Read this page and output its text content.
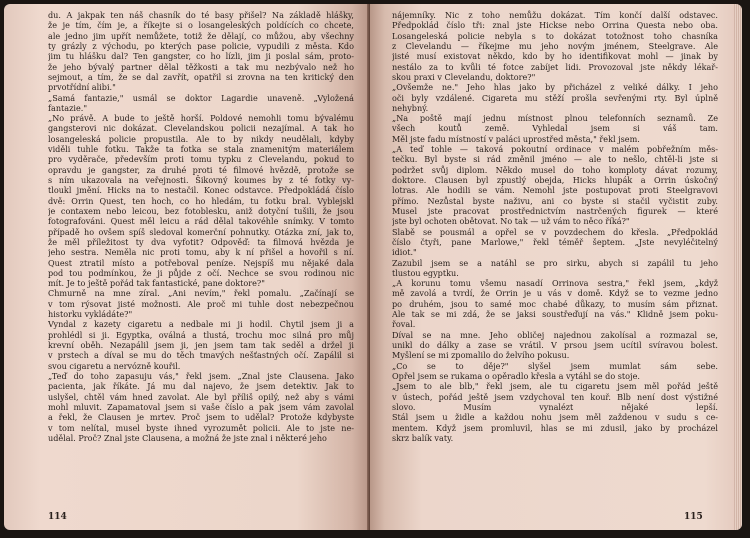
du. A jakpak ten náš chasník do té basy přišel? Na základě hlášky,
že je tím, čím je, a říkejte si o losangeleských poldících co chcete,
ale jedno jim upřít nemůžete, totiž že dělají, co můžou, aby všechny
ty grázly z východu, po kterých pase policie, vypudili z města. Kdo
jim tu hlášku dal? Ten gangster, co ho lízli, jim ji poslal sám, proto-
že jeho bývalý partner dělal těžkosti a tak mu nezbývalo než ho
sejmout, a tím, že se dal zavřít, opatřil si zrovna na ten kritický den
prvotřídní alibi."
„Samá fantazie," usmál se doktor Lagardie unaveně. „Vyložená
fantazie."
„No právě. A bude to ještě horší. Poldové nemohli tomu bývalému
gangsterovi nic dokázat. Clevelandskou policii nezajímal. A tak ho
losangeleská policie propustila. Ale to by nikdy neudělali, kdyby
viděli tuhle fotku. Takže ta fotka se stala znamenitým materiálem
pro vyděrače, především proti tomu typku z Clevelandu, pokud to
opravdu je gangster, za druhé proti té filmové hvězdě, protože se
s ním ukazovala na veřejnosti. Šikovný koumes by z té fotky vy-
tloukl jmění. Hicks na to nestačil. Konec odstavce. Předpokládá číslo
dvě: Orrin Quest, ten hoch, co ho hledám, tu fotku bral. Vyblejskl
je contaxem nebo leicou, bez fotoblesku, aniž dotyční tušili, že jsou
fotografováni. Quest měl leicu a rád dělal takovéhle snímky. V tomto
případě ho ovšem spíš sledoval komerční pohnutky. Otázka zní, jak to,
že měl příležitost ty dva vyfotit? Odpověď: ta filmová hvězda je
jeho sestra. Neměla nic proti tomu, aby k ní přišel a hovořil s ní.
Quest ztratil místo a potřeboval peníze. Nejspíš mu nějaké dala
pod tou podmínkou, že ji půjde z očí. Nechce se svou rodinou nic
mít. Je to ještě pořád tak fantastické, pane doktore?"
Chmurně na mne zíral. „Ani nevím," řekl pomalu. „Začínají se
v tom rýsovat jisté možnosti. Ale proč mi tuhle dost nebezpečnou
historku vykládáte?"
Vyndal z kazety cigaretu a nedbale mi ji hodil. Chytil jsem ji a
prohlédl si ji. Egyptka, oválná a tlustá, trochu moc silná pro můj
krevní oběh. Nezapálil jsem ji, jen jsem tam tak seděl a držel ji
v prstech a díval se mu do těch tmavých nešťastných očí. Zapálil si
svou cigaretu a nervózně kouřil.
„Teď do toho zapasuju vás," řekl jsem. „Znal jste Clausena. Jako
pacienta, jak říkáte. Já mu dal najevo, že jsem detektiv. Jak to
uslyšel, chtěl vám hned zavolat. Ale byl příliš opilý, než aby s vámi
mohl mluvit. Zapamatoval jsem si vaše číslo a pak jsem vám zavolal
a řekl, že Clausen je mrtev. Proč jsem to udělal? Protože kdybyste
v tom nelítal, musel byste ihned vyrozumět policii. Ale to jste ne-
udělal. Proč? Znal jste Clausena, a možná že jste znal i některé jeho
114
nájemníky. Nic z toho nemůžu dokázat. Tím končí další odstavec.
Předpoklád číslo tři: znal jste Hickse nebo Orrina Questa nebo oba.
Losangeleská policie nebyla s to dokázat totožnost toho chasníka
z Clevelandu — říkejme mu jeho novým jménem, Steelgrave. Ale
jisté musí existovat někdo, kdo by ho identifikovat mohl — jinak by
nestálo za to kvůli té fotce zabíjet lidi. Provozoval jste někdy lékař-
skou praxi v Clevelandu, doktore?"
„Ovšemže ne." Jeho hlas jako by přicházel z veliké dálky. I jeho
oči byly vzdálené. Cigareta mu stěží prošla sevřenými rty. Byl úplně
nehybný.
„Na poště mají jednu místnost plnou telefonních seznamů. Ze
všech koutů země. Vyhledal jsem si váš tam.
Měl jste fadu místností v paláci uprostřed města," řekl jsem.
„A teď tohle — taková pokoutní ordinace v malém pobřežním měs-
tečku. Byl byste si rád změnil jméno — ale to nešlo, chtěl-li jste si
podržet svůj diplom. Někdo musel do toho komploty dávat rozumy,
doktore. Clausen byl zpustlý obejda, Hicks hlupák a Orrin úskočný
lotras. Ale hodili se vám. Nemohl jste postupovat proti Steelgravovi
přímo. Nezůstal byste naživu, ani co byste si stačil vyčistit zuby.
Musel jste pracovat prostřednictvím nastrčených figurek — které
jste byl ochoten obětovat. No tak — už vám to něco říká?"
Slabě se pousmál a opřel se v povzdechem do křesla. „Předpoklád
číslo čtyři, pane Marlowe," řekl téměř šeptem. „Jste nevyléčitelný
idiot."
Zazubil jsem se a natáhl se pro sirku, abych si zapálil tu jeho
tlustou egyptku.
„A korunu tomu všemu nasadí Orrinova sestra," řekl jsem, „když
mě zavolá a tvrdí, že Orrin je u vás v domě. Když se to vezme jedno
po druhém, jsou to samé moc chabé důkazy, to musím sám přiznat.
Ale tak se mi zdá, že se jaksi soustřeďují na vás." Klidně jsem poku-
řoval.
Díval se na mne. Jeho obličej najednou zakolísal a rozmazal se,
unikl do dálky a zase se vrátil. V prsou jsem ucítil svíravou bolest.
Myšlení se mi zpomalilo do želvího pokusu.
„Co se to děje?" slyšel jsem mumlat sám sebe.
Opřel jsem se rukama o opěradlo křesla a vytáhl se do stoje.
„Jsem to ale blb," řekl jsem, ale tu cigaretu jsem měl pořád ještě
v ústech, pořád ještě jsem vzdychoval ten kouř. Blb není dost výstižné
slovo. Musím vynalézt nějaké lepší.
Stál jsem u židle a každou nohu jsem měl zaždenou v sudu s ce-
mentem. Když jsem promluvil, hlas se mi zdusil, jako by procházel
skrz balík vaty.
115
